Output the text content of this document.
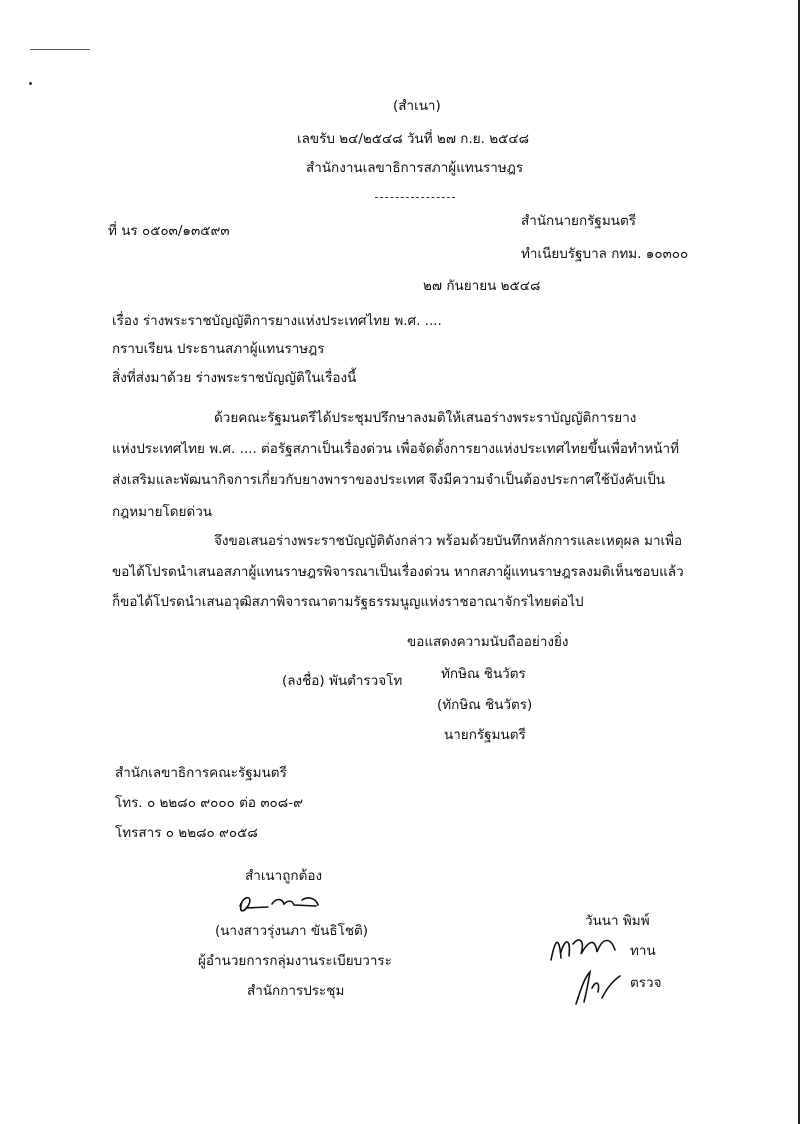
(สำเนา)
เลขรับ ๒๔/๒๕๔๘ วันที่ ๒๗ ก.ย. ๒๕๔๘
สำนักงานเลขาธิการสภาผู้แทนราษฎร
ที่ นร ๐๕๐๓/๑๓๕๙๓
สำนักนายกรัฐมนตรี
ทำเนียบรัฐบาล กทม. ๑๐๓๐๐
๒๗ กันยายน ๒๕๔๘
เรื่อง ร่างพระราชบัญญัติการยางแห่งประเทศไทย พ.ศ. ....
กราบเรียน ประธานสภาผู้แทนราษฎร
สิ่งที่ส่งมาด้วย ร่างพระราชบัญญัติในเรื่องนี้
ด้วยคณะรัฐมนตรีได้ประชุมปรึกษาลงมติให้เสนอร่างพระราบัญญัติการยาง
แห่งประเทศไทย พ.ศ. .... ต่อรัฐสภาเป็นเรื่องด่วน เพื่อจัดตั้งการยางแห่งประเทศไทยขึ้นเพื่อทำหน้าที่
ส่งเสริมและพัฒนากิจการเกี่ยวกับยางพาราของประเทศ จึงมีความจำเป็นต้องประกาศใช้บังคับเป็น
กฎหมายโดยด่วน
จึงขอเสนอร่างพระราชบัญญัติดังกล่าว พร้อมด้วยบันทึกหลักการและเหตุผล มาเพื่อ
ขอได้โปรดนำเสนอสภาผู้แทนราษฎรพิจารณาเป็นเรื่องด่วน หากสภาผู้แทนราษฎรลงมติเห็นชอบแล้ว
ก็ขอได้โปรดนำเสนอวุฒิสภาพิจารณาตามรัฐธรรมนูญแห่งราชอาณาจักรไทยต่อไป
ขอแสดงความนับถืออย่างยิ่ง
(ลงชื่อ) พันตำรวจโท	ทักษิณ ชินวัตร
(ทักษิณ ชินวัตร)
นายกรัฐมนตรี
สำนักเลขาธิการคณะรัฐมนตรี
โทร. ๐ ๒๒๘๐ ๙๐๐๐ ต่อ ๓๐๘-๙
โทรสาร ๐ ๒๒๘๐ ๙๐๕๘
สำเนาถูกต้อง
(นางสาวรุ่งนภา ขันธิโชติ)
ผู้อำนวยการกลุ่มงานระเบียบวาระ
สำนักการประชุม
วันนา พิมพ์
ทาน
ตรวจ
